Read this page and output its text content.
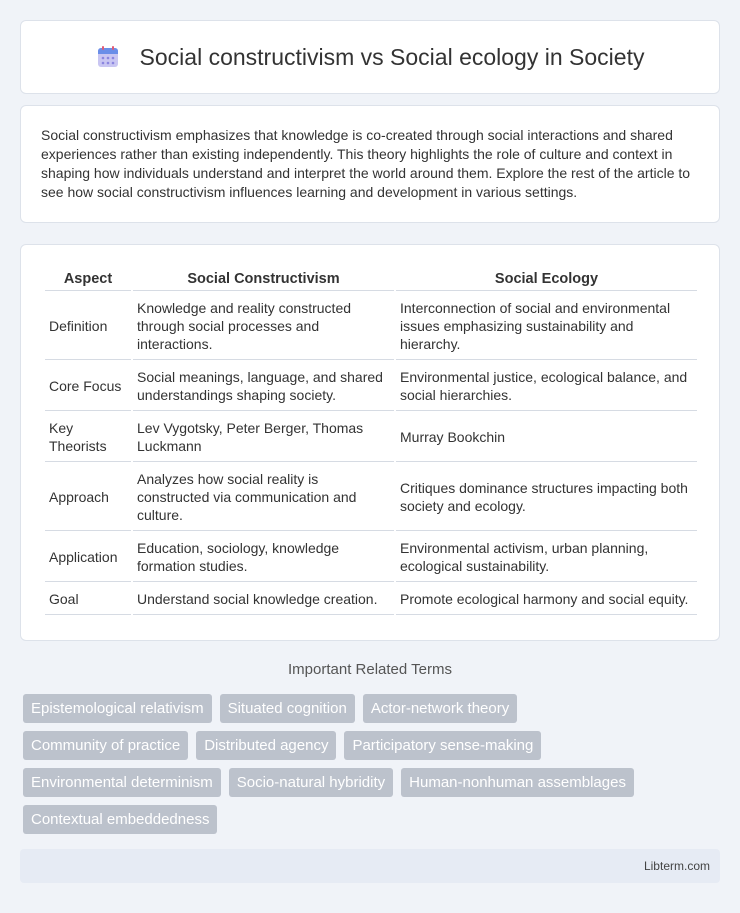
Social constructivism vs Social ecology in Society

Social constructivism emphasizes that knowledge is co-created through social interactions and shared experiences rather than existing independently. This theory highlights the role of culture and context in shaping how individuals understand and interpret the world around them. Explore the rest of the article to see how social constructivism influences learning and development in various settings.

Aspect	Social Constructivism	Social Ecology
Definition	Knowledge and reality constructed through social processes and interactions.	Interconnection of social and environmental issues emphasizing sustainability and hierarchy.
Core Focus	Social meanings, language, and shared understandings shaping society.	Environmental justice, ecological balance, and social hierarchies.
Key Theorists	Lev Vygotsky, Peter Berger, Thomas Luckmann	Murray Bookchin
Approach	Analyzes how social reality is constructed via communication and culture.	Critiques dominance structures impacting both society and ecology.
Application	Education, sociology, knowledge formation studies.	Environmental activism, urban planning, ecological sustainability.
Goal	Understand social knowledge creation.	Promote ecological harmony and social equity.
Important Related Terms
Epistemological relativism	Situated cognition	Actor-network theory
Community of practice	Distributed agency	Participatory sense-making
Environmental determinism	Socio-natural hybridity	Human-nonhuman assemblages
Contextual embeddedness
Libterm.com
